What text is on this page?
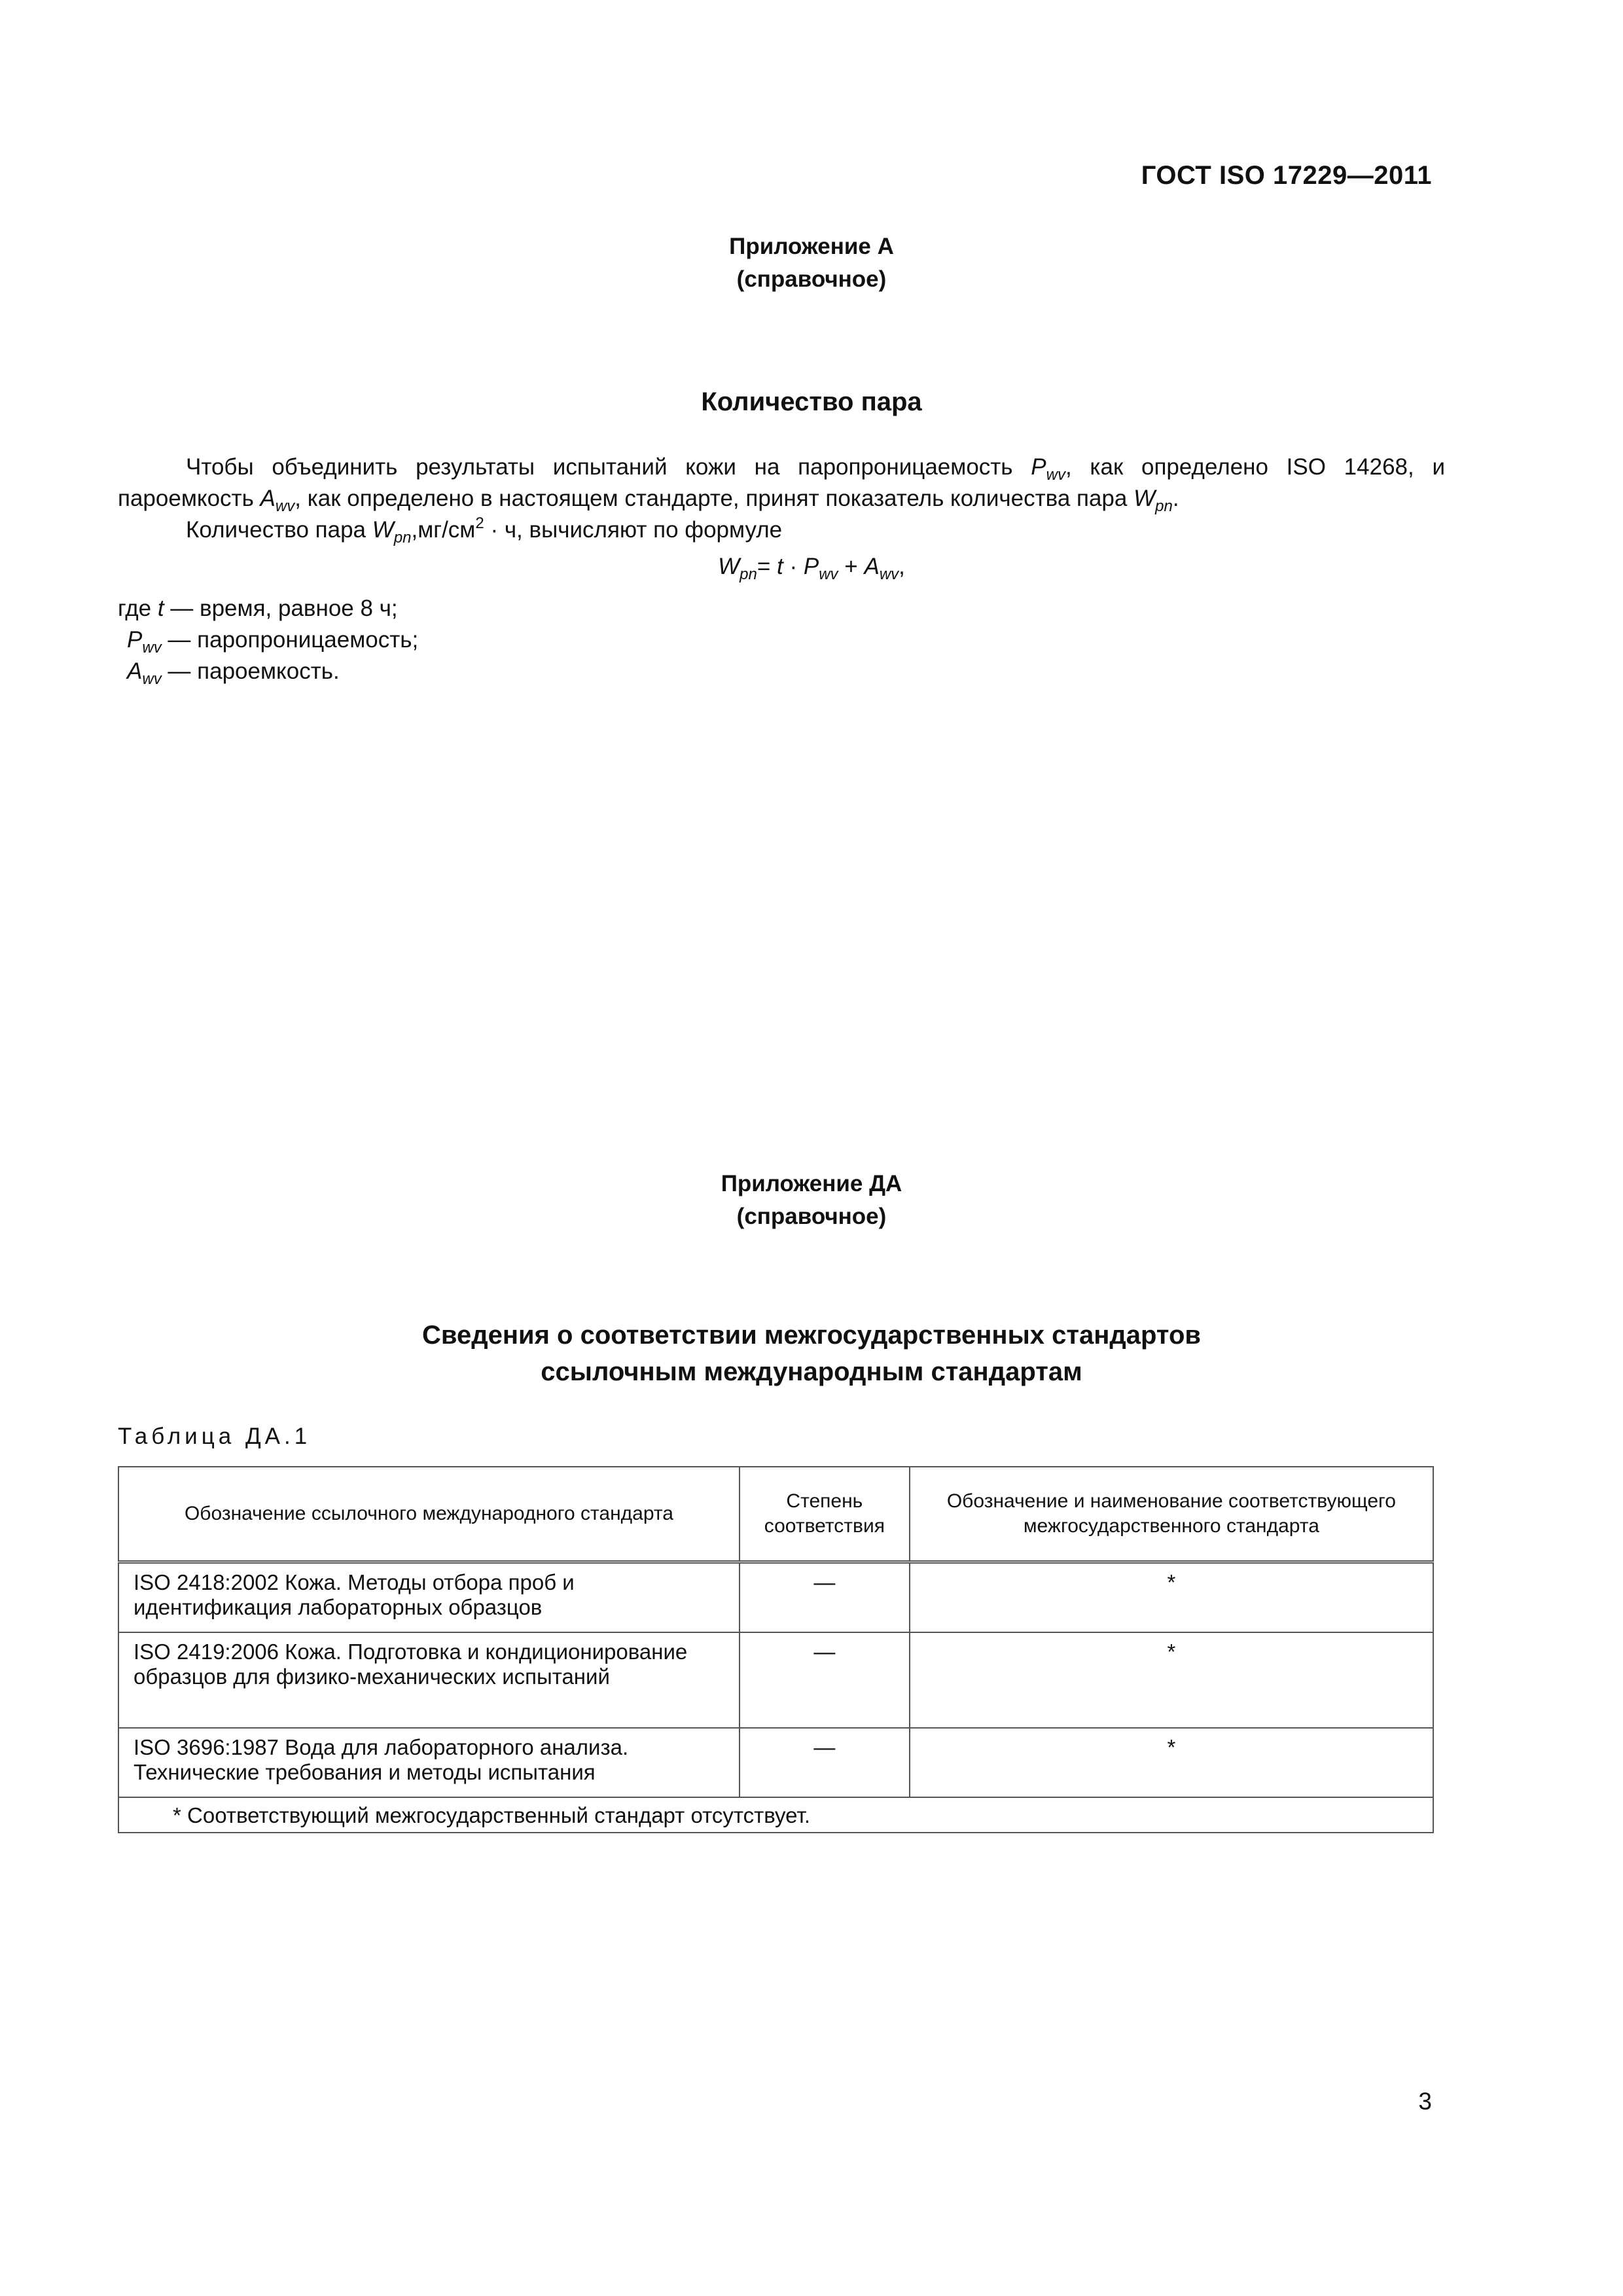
ГОСТ ISO 17229—2011
Приложение А
(справочное)
Количество пара

Чтобы объединить результаты испытаний кожи на паропроницаемость $P_{wv}$, как определено ISO 14268, и пароемкость $A_{wv}$, как определено в настоящем стандарте, принят показатель количества пара $W_{pn}$.

Количество пара $W_{pn},мг/см^2 \cdot ч$, вычисляют по формуле

$W_{pn}= t \cdot P_{wv} + A_{wv}$,
где t — время, равное 8 ч;
$P_{wv}$ — паропроницаемость;
$A_{wv}$ — пароемкость.
Приложение ДА
(справочное)
Сведения о соответствии межгосударственных стандартов
ссылочным международным стандартам
Таблица ДА.1
Обозначение ссылочного международного стандарта	Степень соответствия	Обозначение и наименование соответствующего межгосударственного стандарта
ISO 2418:2002 Кожа. Методы отбора проб и идентификация лабораторных образцов	—	*
ISO 2419:2006 Кожа. Подготовка и кондиционирование образцов для физико-механических испытаний	—	*
ISO 3696:1987 Вода для лабораторного анализа. Технические требования и методы испытания	—	*
* Соответствующий межгосударственный стандарт отсутствует.		
3
